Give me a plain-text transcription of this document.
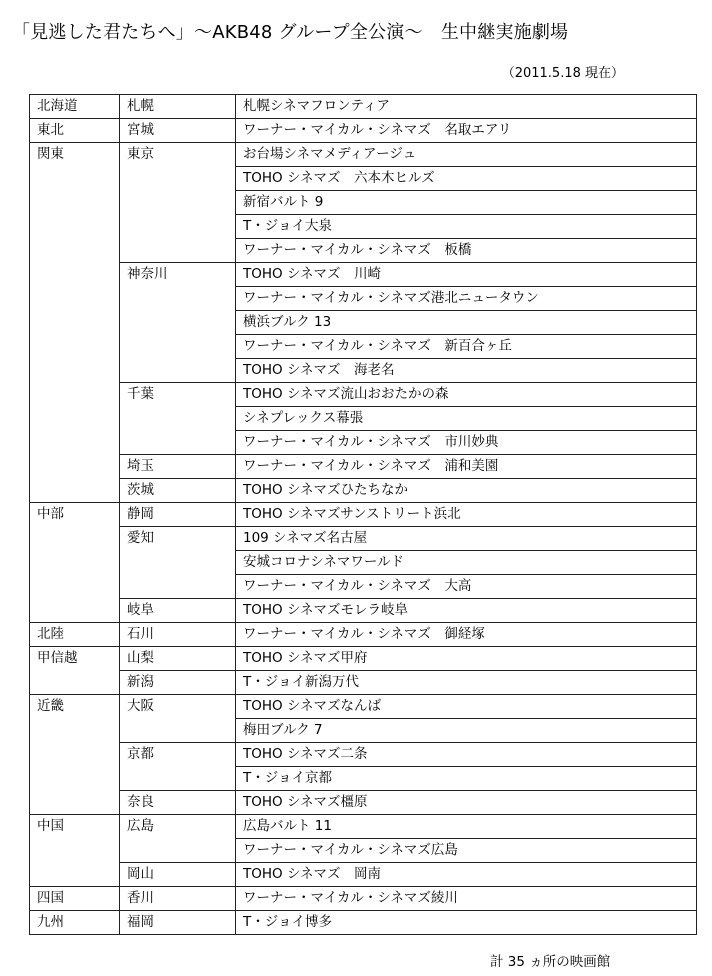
「見逃した君たちへ」～AKB48 グループ全公演～　生中継実施劇場
（2011.5.18 現在）
北海道	札幌	札幌シネマフロンティア
東北	宮城	ワーナー・マイカル・シネマズ　名取エアリ
関東	東京	お台場シネマメディアージュ
		TOHO シネマズ　六本木ヒルズ
		新宿バルト 9
		T・ジョイ大泉
		ワーナー・マイカル・シネマズ　板橋
	神奈川	TOHO シネマズ　川崎
		ワーナー・マイカル・シネマズ港北ニュータウン
		横浜ブルク 13
		ワーナー・マイカル・シネマズ　新百合ヶ丘
		TOHO シネマズ　海老名
	千葉	TOHO シネマズ流山おおたかの森
		シネプレックス幕張
		ワーナー・マイカル・シネマズ　市川妙典
	埼玉	ワーナー・マイカル・シネマズ　浦和美園
	茨城	TOHO シネマズひたちなか
中部	静岡	TOHO シネマズサンストリート浜北
	愛知	109 シネマズ名古屋
		安城コロナシネマワールド
		ワーナー・マイカル・シネマズ　大高
	岐阜	TOHO シネマズモレラ岐阜
北陸	石川	ワーナー・マイカル・シネマズ　御経塚
甲信越	山梨	TOHO シネマズ甲府
	新潟	T・ジョイ新潟万代
近畿	大阪	TOHO シネマズなんば
		梅田ブルク 7
	京都	TOHO シネマズ二条
		T・ジョイ京都
	奈良	TOHO シネマズ橿原
中国	広島	広島バルト 11
		ワーナー・マイカル・シネマズ広島
	岡山	TOHO シネマズ　岡南
四国	香川	ワーナー・マイカル・シネマズ綾川
九州	福岡	T・ジョイ博多
計 35 ヵ所の映画館
